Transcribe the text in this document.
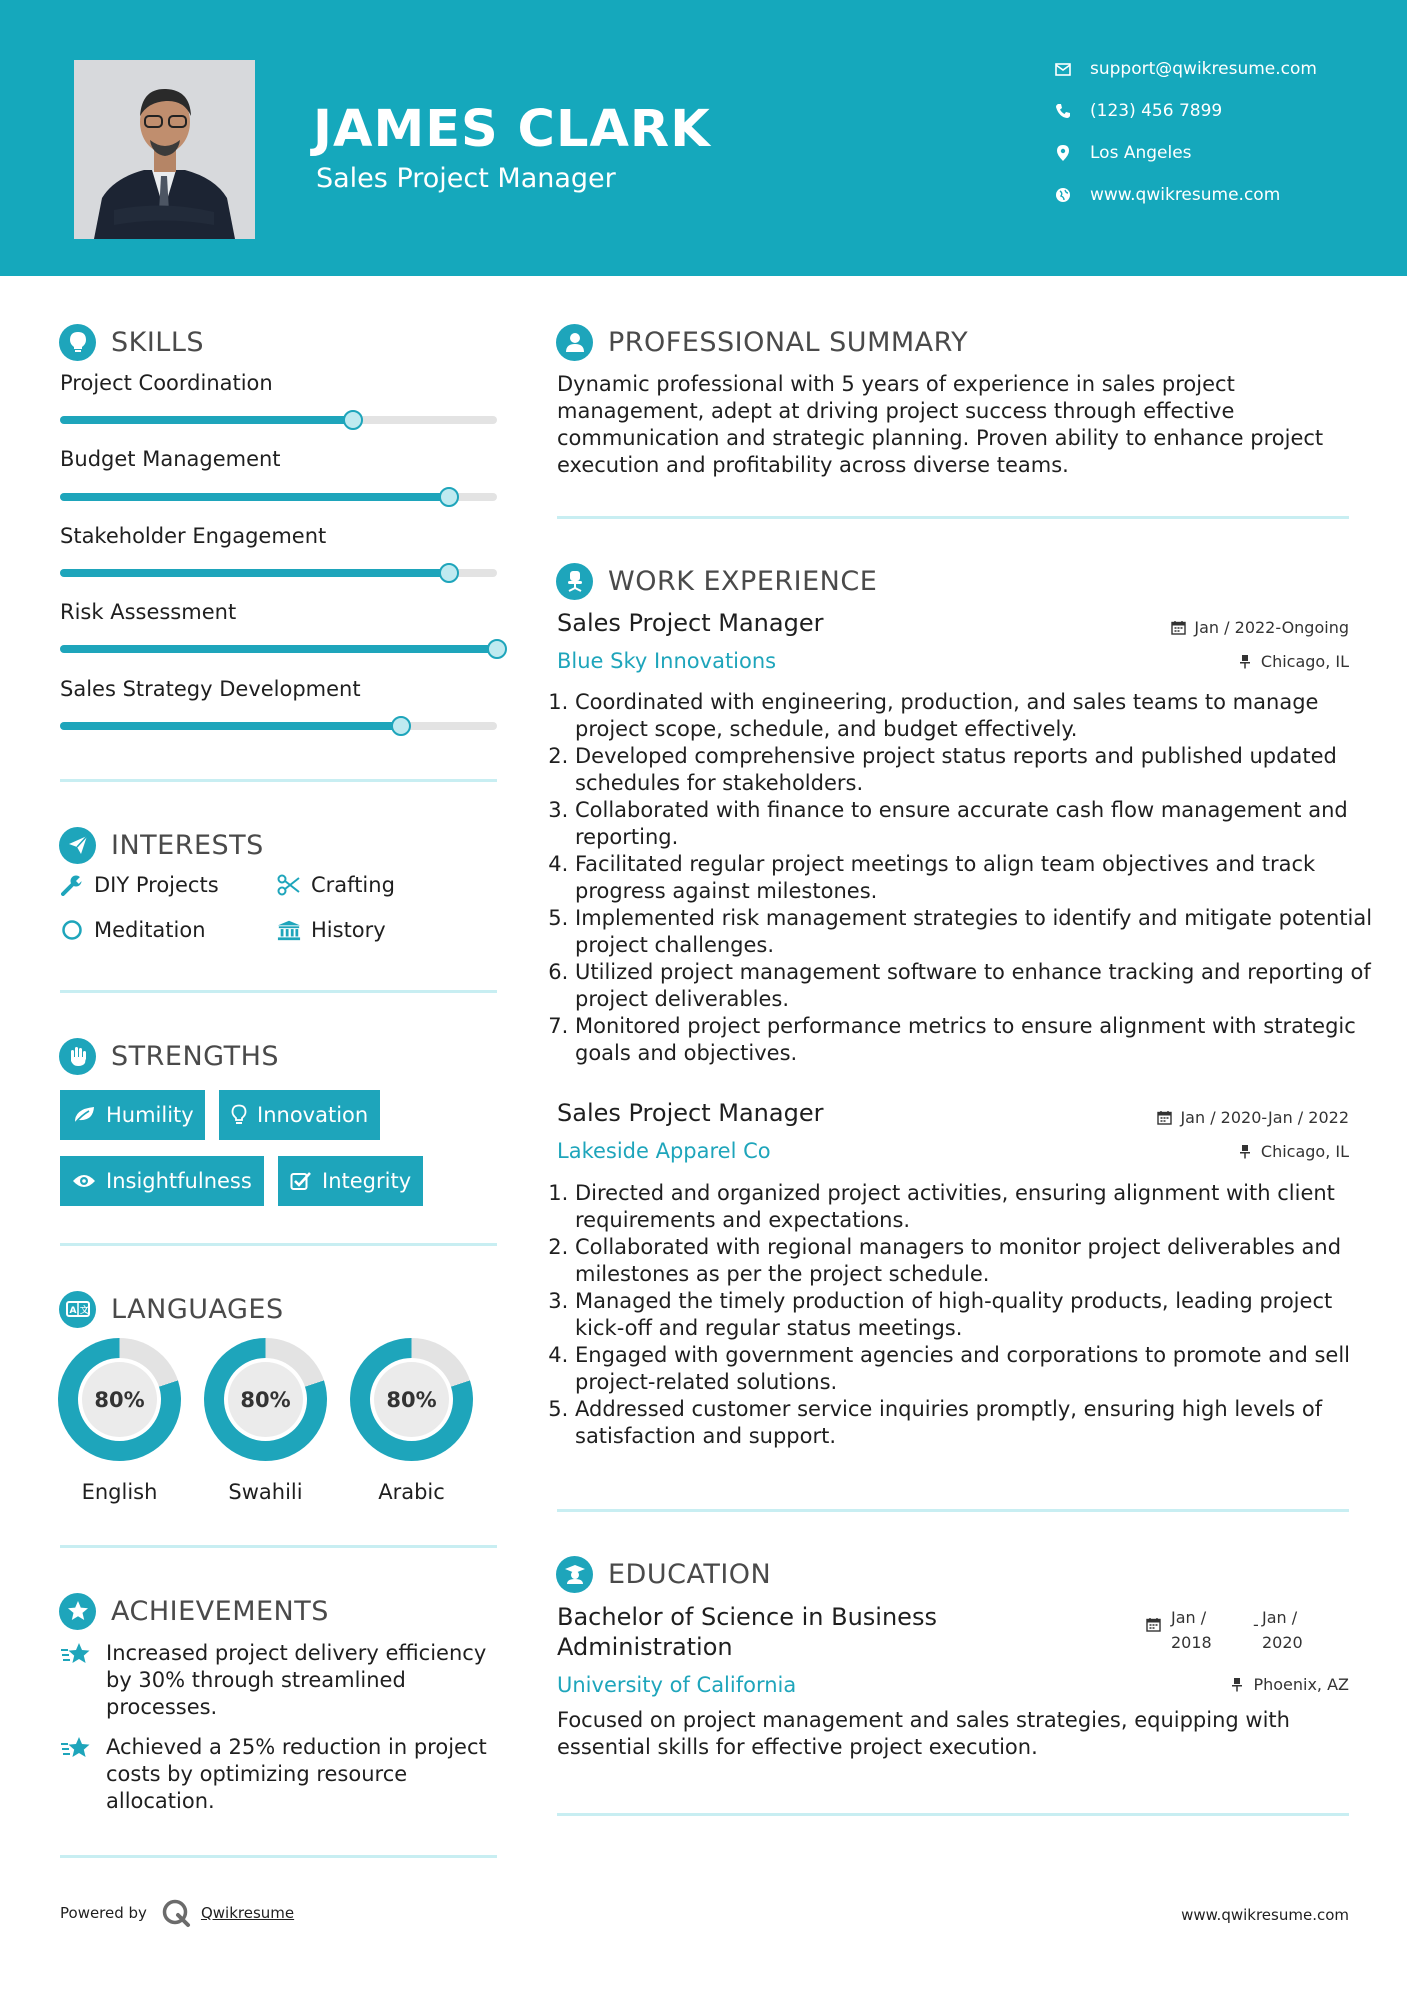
JAMES CLARK
Sales Project Manager
support@qwikresume.com
(123) 456 7899
Los Angeles
www.qwikresume.com
SKILLS
Project Coordination
Budget Management
Stakeholder Engagement
Risk Assessment
Sales Strategy Development
INTERESTS
DIY Projects	Crafting
Meditation	History
STRENGTHS
Humility	Innovation
Insightfulness	Integrity
A 文 LANGUAGES
80%
English
80%
Swahili
80%
Arabic
ACHIEVEMENTS
Increased project delivery efficiency by 30% through streamlined processes.
Achieved a 25% reduction in project costs by optimizing resource allocation.
PROFESSIONAL SUMMARY
Dynamic professional with 5 years of experience in sales project management, adept at driving project success through effective communication and strategic planning. Proven ability to enhance project execution and profitability across diverse teams.
WORK EXPERIENCE
Sales Project Manager	Jan / 2022-Ongoing
Blue Sky Innovations	Chicago, IL
1. Coordinated with engineering, production, and sales teams to manage project scope, schedule, and budget effectively.
2. Developed comprehensive project status reports and published updated schedules for stakeholders.
3. Collaborated with finance to ensure accurate cash flow management and reporting.
4. Facilitated regular project meetings to align team objectives and track progress against milestones.
5. Implemented risk management strategies to identify and mitigate potential project challenges.
6. Utilized project management software to enhance tracking and reporting of project deliverables.
7. Monitored project performance metrics to ensure alignment with strategic goals and objectives.
Sales Project Manager	Jan / 2020-Jan / 2022
Lakeside Apparel Co	Chicago, IL
1. Directed and organized project activities, ensuring alignment with client requirements and expectations.
2. Collaborated with regional managers to monitor project deliverables and milestones as per the project schedule.
3. Managed the timely production of high-quality products, leading project kick-off and regular status meetings.
4. Engaged with government agencies and corporations to promote and sell project-related solutions.
5. Addressed customer service inquiries promptly, ensuring high levels of satisfaction and support.
EDUCATION
Bachelor of Science in Business Administration
Jan / 2018
- Jan / 2020
University of California	Phoenix, AZ
Focused on project management and sales strategies, equipping with essential skills for effective project execution.
Powered by	Qwikresume	www.qwikresume.com
